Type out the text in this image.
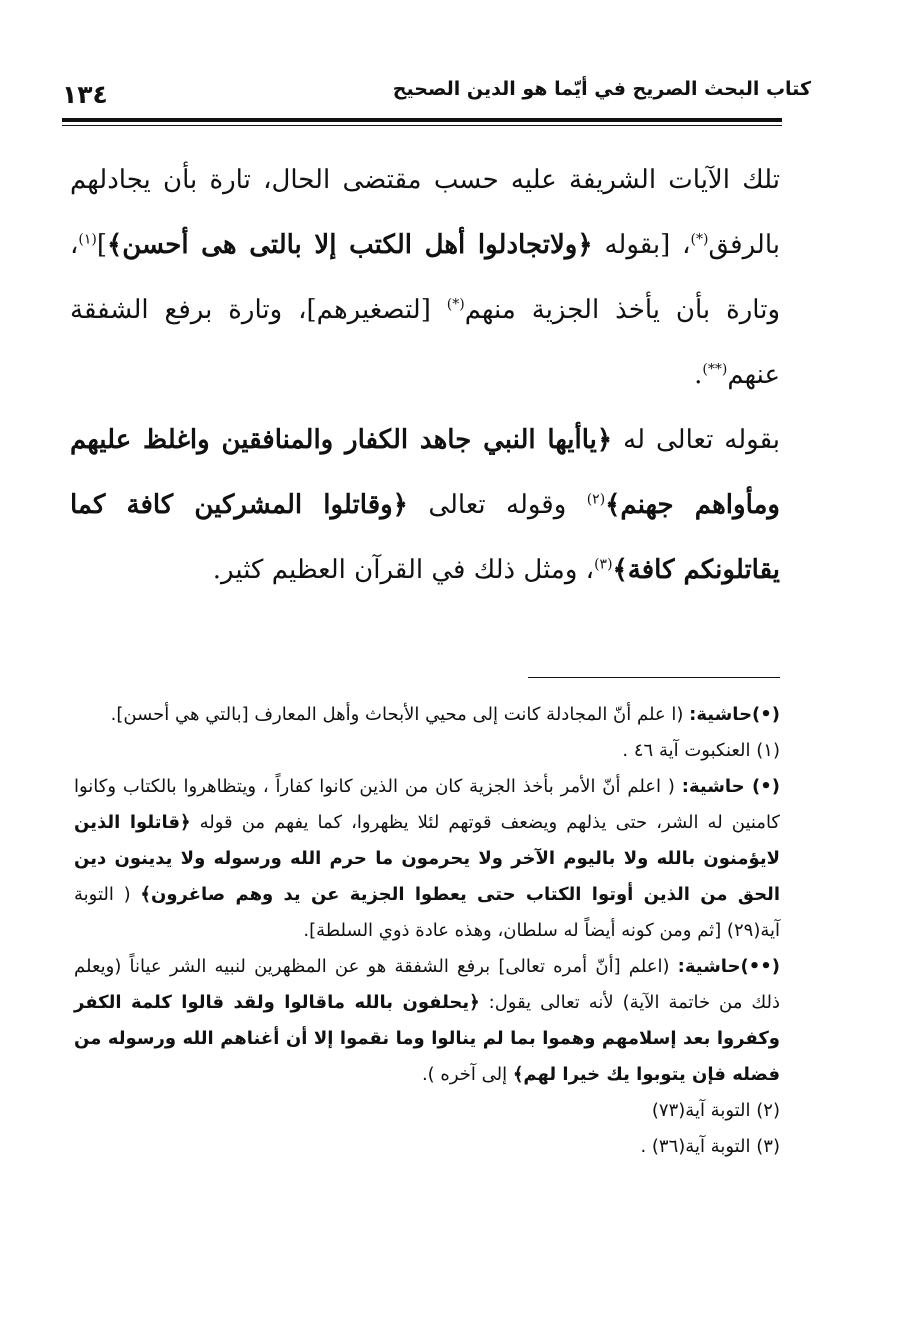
كتاب البحث الصريح في أيّما هو الدين الصحيح
١٣٤

تلك الآيات الشريفة عليه حسب مقتضى الحال، تارة بأن يجادلهم بالرفق(*)، [بقوله ﴿ولاتجادلوا أهل الكتب إلا بالتى هى أحسن﴾]$^{(١)}$، وتارة بأن يأخذ الجزية منهم(*) [لتصغيرهم]، وتارة برفع الشفقة عنهم(**).

بقوله تعالى له ﴿ياأيها النبي جاهد الكفار والمنافقين واغلظ عليهم ومأواهم جهنم﴾$^{(٢)}$ وقوله تعالى ﴿وقاتلوا المشركين كافة كما يقاتلونكم كافة﴾$^{(٣)}$، ومثل ذلك في القرآن العظيم كثير.

(•)حاشية: (ا علم أنّ المجادلة كانت إلى محيي الأبحاث وأهل المعارف [بالتي هي أحسن].

(١) العنكبوت آية ٤٦ .

(•) حاشية: ( اعلم أنّ الأمر بأخذ الجزية كان من الذين كانوا كفاراً ، ويتظاهروا بالكتاب وكانوا كامنين له الشر، حتى يذلهم ويضعف قوتهم لئلا يظهروا، كما يفهم من قوله ﴿قاتلوا الذين لايؤمنون بالله ولا باليوم الآخر ولا يحرمون ما حرم الله ورسوله ولا يدينون دين الحق من الذين أوتوا الكتاب حتى يعطوا الجزية عن يد وهم صاغرون﴾ ( التوبة آية(٢٩) [ثم ومن كونه أيضاً له سلطان، وهذه عادة ذوي السلطة].

(••)حاشية: (اعلم [أنّ أمره تعالى] برفع الشفقة هو عن المظهرين لنبيه الشر عياناً (ويعلم ذلك من خاتمة الآية) لأنه تعالى يقول: ﴿يحلفون بالله ماقالوا ولقد قالوا كلمة الكفر وكفروا بعد إسلامهم وهموا بما لم ينالوا وما نقموا إلا أن أغناهم الله ورسوله من فضله فإن يتوبوا يك خيرا لهم﴾ إلى آخره ).

(٢) التوبة آية(٧٣)

(٣) التوبة آية(٣٦) .
